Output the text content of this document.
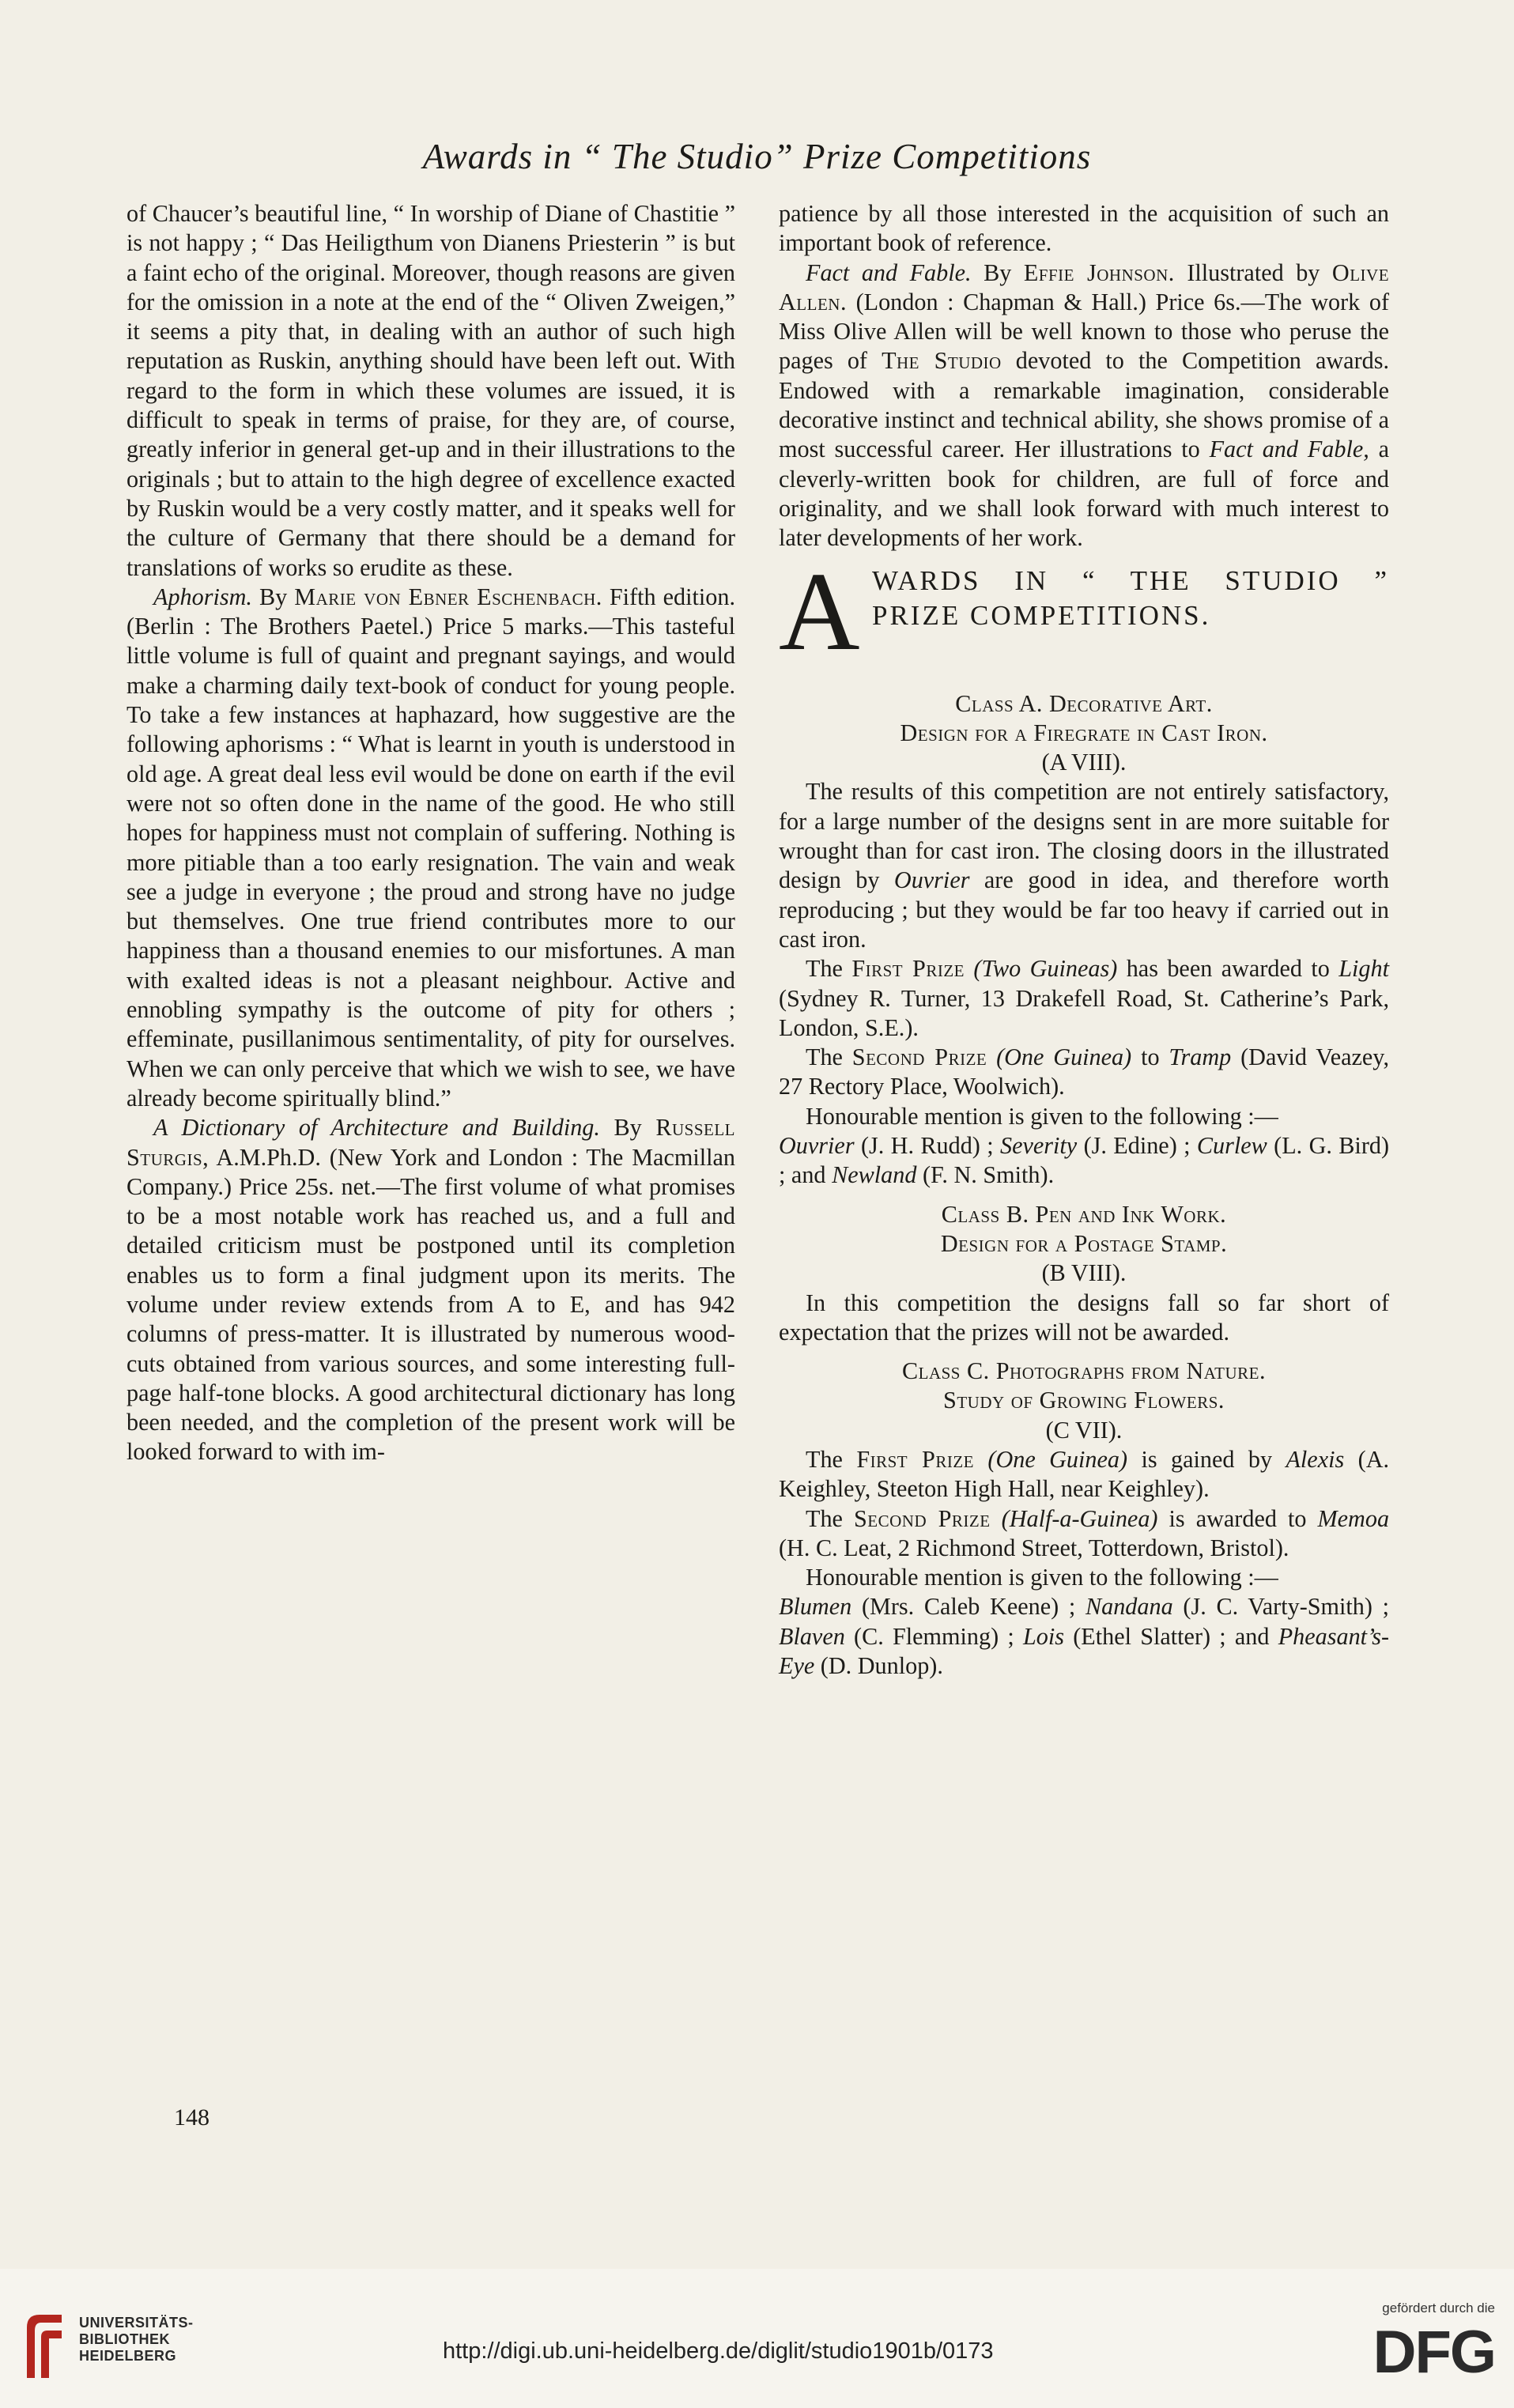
Awards in “ The Studio” Prize Competitions

of Chaucer’s beautiful line, “ In worship of Diane of Chastitie ” is not happy ; “ Das Heiligthum von Dianens Priesterin ” is but a faint echo of the original. Moreover, though reasons are given for the omission in a note at the end of the “ Oliven Zweigen,” it seems a pity that, in dealing with an author of such high reputation as Ruskin, anything should have been left out. With regard to the form in which these volumes are issued, it is difficult to speak in terms of praise, for they are, of course, greatly inferior in general get-up and in their illustrations to the originals ; but to attain to the high degree of excellence exacted by Ruskin would be a very costly matter, and it speaks well for the culture of Germany that there should be a demand for translations of works so erudite as these.

Aphorism. By Marie von Ebner Eschenbach. Fifth edition. (Berlin : The Brothers Paetel.) Price 5 marks.—This tasteful little volume is full of quaint and pregnant sayings, and would make a charming daily text-book of conduct for young people. To take a few instances at haphazard, how suggestive are the following aphorisms : “ What is learnt in youth is understood in old age. A great deal less evil would be done on earth if the evil were not so often done in the name of the good. He who still hopes for happiness must not complain of suffering. Nothing is more pitiable than a too early resignation. The vain and weak see a judge in everyone ; the proud and strong have no judge but themselves. One true friend contributes more to our happiness than a thousand enemies to our misfortunes. A man with exalted ideas is not a pleasant neighbour. Active and ennobling sympathy is the outcome of pity for others ; effeminate, pusillanimous sentimentality, of pity for ourselves. When we can only perceive that which we wish to see, we have already become spiritually blind.”

A Dictionary of Architecture and Building. By Russell Sturgis, A.M.Ph.D. (New York and London : The Macmillan Company.) Price 25s. net.—The first volume of what promises to be a most notable work has reached us, and a full and detailed criticism must be postponed until its completion enables us to form a final judgment upon its merits. The volume under review extends from A to E, and has 942 columns of press-matter. It is illustrated by numerous wood-cuts obtained from various sources, and some interesting full-page half-tone blocks. A good architectural dictionary has long been needed, and the completion of the present work will be looked forward to with im-

patience by all those interested in the acquisition of such an important book of reference.

Fact and Fable. By Effie Johnson. Illustrated by Olive Allen. (London : Chapman & Hall.) Price 6s.—The work of Miss Olive Allen will be well known to those who peruse the pages of The Studio devoted to the Competition awards. Endowed with a remarkable imagination, considerable decorative instinct and technical ability, she shows promise of a most successful career. Her illustrations to Fact and Fable, a cleverly-written book for children, are full of force and originality, and we shall look forward with much interest to later developments of her work.

A WARDS IN “ THE STUDIO ”
PRIZE COMPETITIONS.

Class A. Decorative Art.

Design for a Firegrate in Cast Iron.

(A VIII).

The results of this competition are not entirely satisfactory, for a large number of the designs sent in are more suitable for wrought than for cast iron. The closing doors in the illustrated design by Ouvrier are good in idea, and therefore worth reproducing ; but they would be far too heavy if carried out in cast iron.

The First Prize (Two Guineas) has been awarded to Light (Sydney R. Turner, 13 Drakefell Road, St. Catherine’s Park, London, S.E.).

The Second Prize (One Guinea) to Tramp (David Veazey, 27 Rectory Place, Woolwich).

Honourable mention is given to the following :—

Ouvrier (J. H. Rudd) ; Severity (J. Edine) ; Curlew (L. G. Bird) ; and Newland (F. N. Smith).

Class B. Pen and Ink Work.

Design for a Postage Stamp.

(B VIII).

In this competition the designs fall so far short of expectation that the prizes will not be awarded.

Class C. Photographs from Nature.

Study of Growing Flowers.

(C VII).

The First Prize (One Guinea) is gained by Alexis (A. Keighley, Steeton High Hall, near Keighley).

The Second Prize (Half-a-Guinea) is awarded to Memoa (H. C. Leat, 2 Richmond Street, Totterdown, Bristol).

Honourable mention is given to the following :—

Blumen (Mrs. Caleb Keene) ; Nandana (J. C. Varty-Smith) ; Blaven (C. Flemming) ; Lois (Ethel Slatter) ; and Pheasant’s-Eye (D. Dunlop).

148
UNIVERSITÄTS-
BIBLIOTHEK
HEIDELBERG	http://digi.ub.uni-heidelberg.de/diglit/studio1901b/0173
gefördert durch die
DFG
